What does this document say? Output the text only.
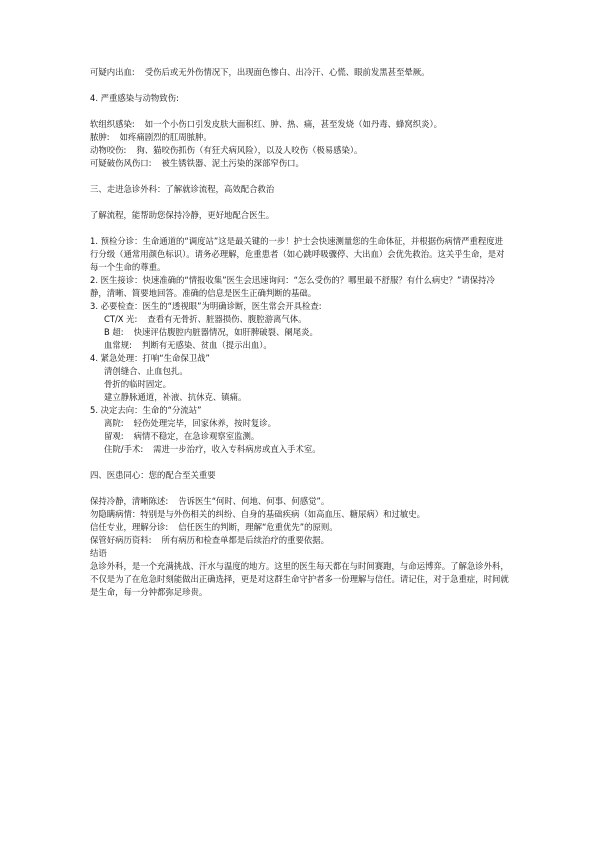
可疑内出血: 受伤后或无外伤情况下，出现面色惨白、出冷汗、心慌、眼前发黑甚至晕厥。
4. 严重感染与动物致伤:
软组织感染: 如一个小伤口引发皮肤大面积红、肿、热、痛，甚至发烧（如丹毒、蜂窝织炎）。
脓肿: 如疼痛剧烈的肛周脓肿。
动物咬伤: 狗、猫咬伤抓伤（有狂犬病风险），以及人咬伤（极易感染）。
可疑破伤风伤口: 被生锈铁器、泥土污染的深部窄伤口。
三、走进急诊外科：了解就诊流程，高效配合救治
了解流程，能帮助您保持冷静，更好地配合医生。
1. 预检分诊：生命通道的“调度站”这是最关键的一步！护士会快速测量您的生命体征，并根据伤病情严重程度进行分级（通常用颜色标识）。请务必理解，危重患者（如心跳呼吸骤停、大出血）会优先救治。这关乎生命，是对每一个生命的尊重。
2. 医生接诊：快速准确的“情报收集”医生会迅速询问：“怎么受伤的？哪里最不舒服？有什么病史？”请保持冷静，清晰、简要地回答。准确的信息是医生正确判断的基础。
3. 必要检查：医生的“透视眼”为明确诊断，医生常会开具检查:
CT/X 光: 查看有无骨折、脏器损伤、腹腔游离气体。
B 超: 快速评估腹腔内脏器情况，如肝脾破裂、阑尾炎。
血常规: 判断有无感染、贫血（提示出血）。
4. 紧急处理：打响“生命保卫战”
清创缝合、止血包扎。
骨折的临时固定。
建立静脉通道，补液、抗休克、镇痛。
5. 决定去向：生命的“分流站”
离院: 轻伤处理完毕，回家休养，按时复诊。
留观: 病情不稳定，在急诊观察室监测。
住院/手术: 需进一步治疗，收入专科病房或直入手术室。
四、医患同心：您的配合至关重要
保持冷静，清晰陈述: 告诉医生“何时、何地、何事、何感觉”。
勿隐瞒病情：特别是与外伤相关的纠纷、自身的基础疾病（如高血压、糖尿病）和过敏史。
信任专业，理解分诊: 信任医生的判断，理解“危重优先”的原则。
保管好病历资料: 所有病历和检查单都是后续治疗的重要依据。
结语
急诊外科，是一个充满挑战、汗水与温度的地方。这里的医生每天都在与时间赛跑，与命运博弈。了解急诊外科，不仅是为了在危急时刻能做出正确选择，更是对这群生命守护者多一份理解与信任。请记住，对于急重症，时间就是生命，每一分钟都弥足珍贵。
